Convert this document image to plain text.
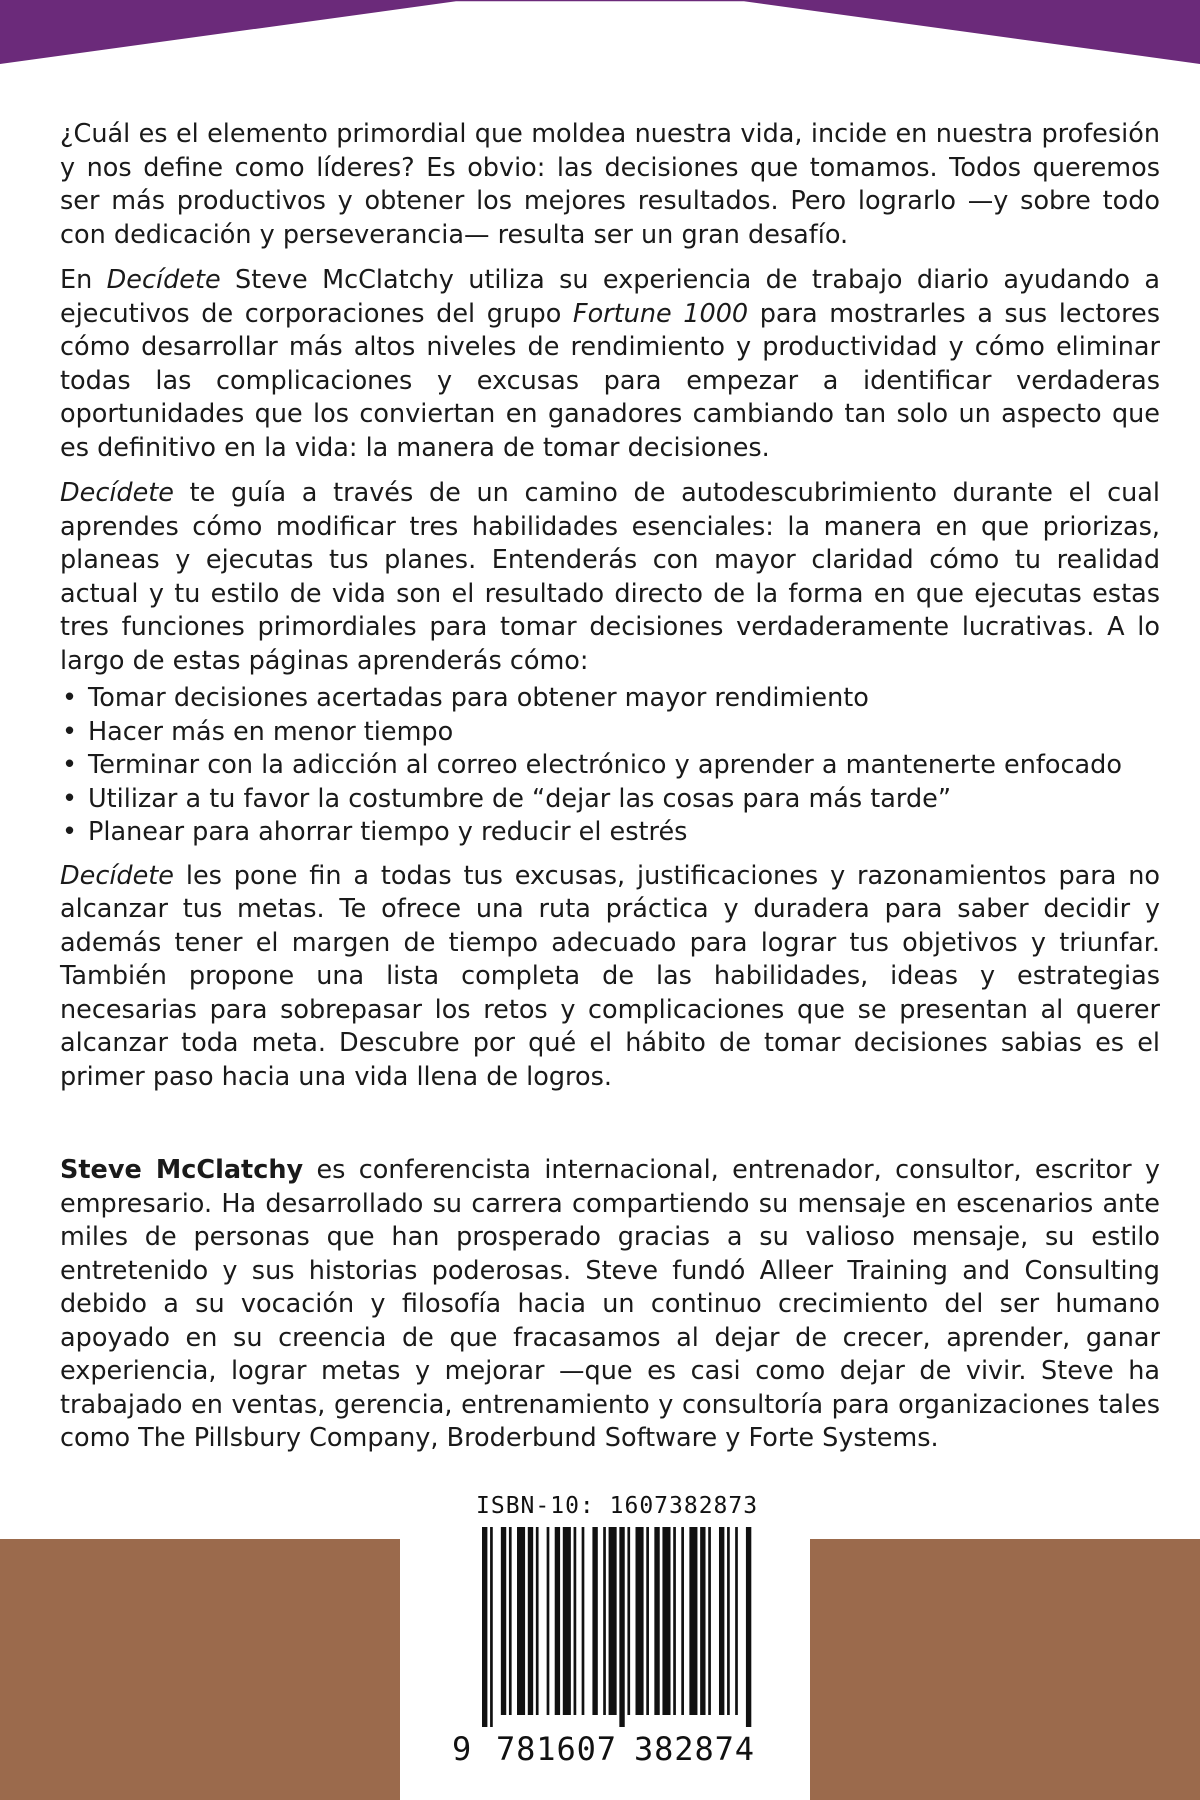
¿Cuál es el elemento primordial que moldea nuestra vida, incide en nuestra profesión y nos define como líderes? Es obvio: las decisiones que tomamos. Todos queremos ser más productivos y obtener los mejores resultados. Pero lograrlo —y sobre todo con dedicación y perseverancia— resulta ser un gran desafío.

En Decídete Steve McClatchy utiliza su experiencia de trabajo diario ayudando a ejecutivos de corporaciones del grupo Fortune 1000 para mostrarles a sus lectores cómo desarrollar más altos niveles de rendimiento y productividad y cómo eliminar todas las complicaciones y excusas para empezar a identificar verdaderas oportunidades que los conviertan en ganadores cambiando tan solo un aspecto que es definitivo en la vida: la manera de tomar decisiones.

Decídete te guía a través de un camino de autodescubrimiento durante el cual aprendes cómo modificar tres habilidades esenciales: la manera en que priorizas, planeas y ejecutas tus planes. Entenderás con mayor claridad cómo tu realidad actual y tu estilo de vida son el resultado directo de la forma en que ejecutas estas tres funciones primordiales para tomar decisiones verdaderamente lucrativas. A lo largo de estas páginas aprenderás cómo:

• Tomar decisiones acertadas para obtener mayor rendimiento
• Hacer más en menor tiempo
• Terminar con la adicción al correo electrónico y aprender a mantenerte enfocado
• Utilizar a tu favor la costumbre de “dejar las cosas para más tarde”
• Planear para ahorrar tiempo y reducir el estrés

Decídete les pone fin a todas tus excusas, justificaciones y razonamientos para no alcanzar tus metas. Te ofrece una ruta práctica y duradera para saber decidir y además tener el margen de tiempo adecuado para lograr tus objetivos y triunfar. También propone una lista completa de las habilidades, ideas y estrategias necesarias para sobrepasar los retos y complicaciones que se presentan al querer alcanzar toda meta. Descubre por qué el hábito de tomar decisiones sabias es el primer paso hacia una vida llena de logros.

Steve McClatchy es conferencista internacional, entrenador, consultor, escritor y empresario. Ha desarrollado su carrera compartiendo su mensaje en escenarios ante miles de personas que han prosperado gracias a su valioso mensaje, su estilo entretenido y sus historias poderosas. Steve fundó Alleer Training and Consulting debido a su vocación y filosofía hacia un continuo crecimiento del ser humano apoyado en su creencia de que fracasamos al dejar de crecer, aprender, ganar experiencia, lograr metas y mejorar —que es casi como dejar de vivir. Steve ha trabajado en ventas, gerencia, entrenamiento y consultoría para organizaciones tales como The Pillsbury Company, Broderbund Software y Forte Systems.

ISBN-10: 1607382873
9 781607 382874
